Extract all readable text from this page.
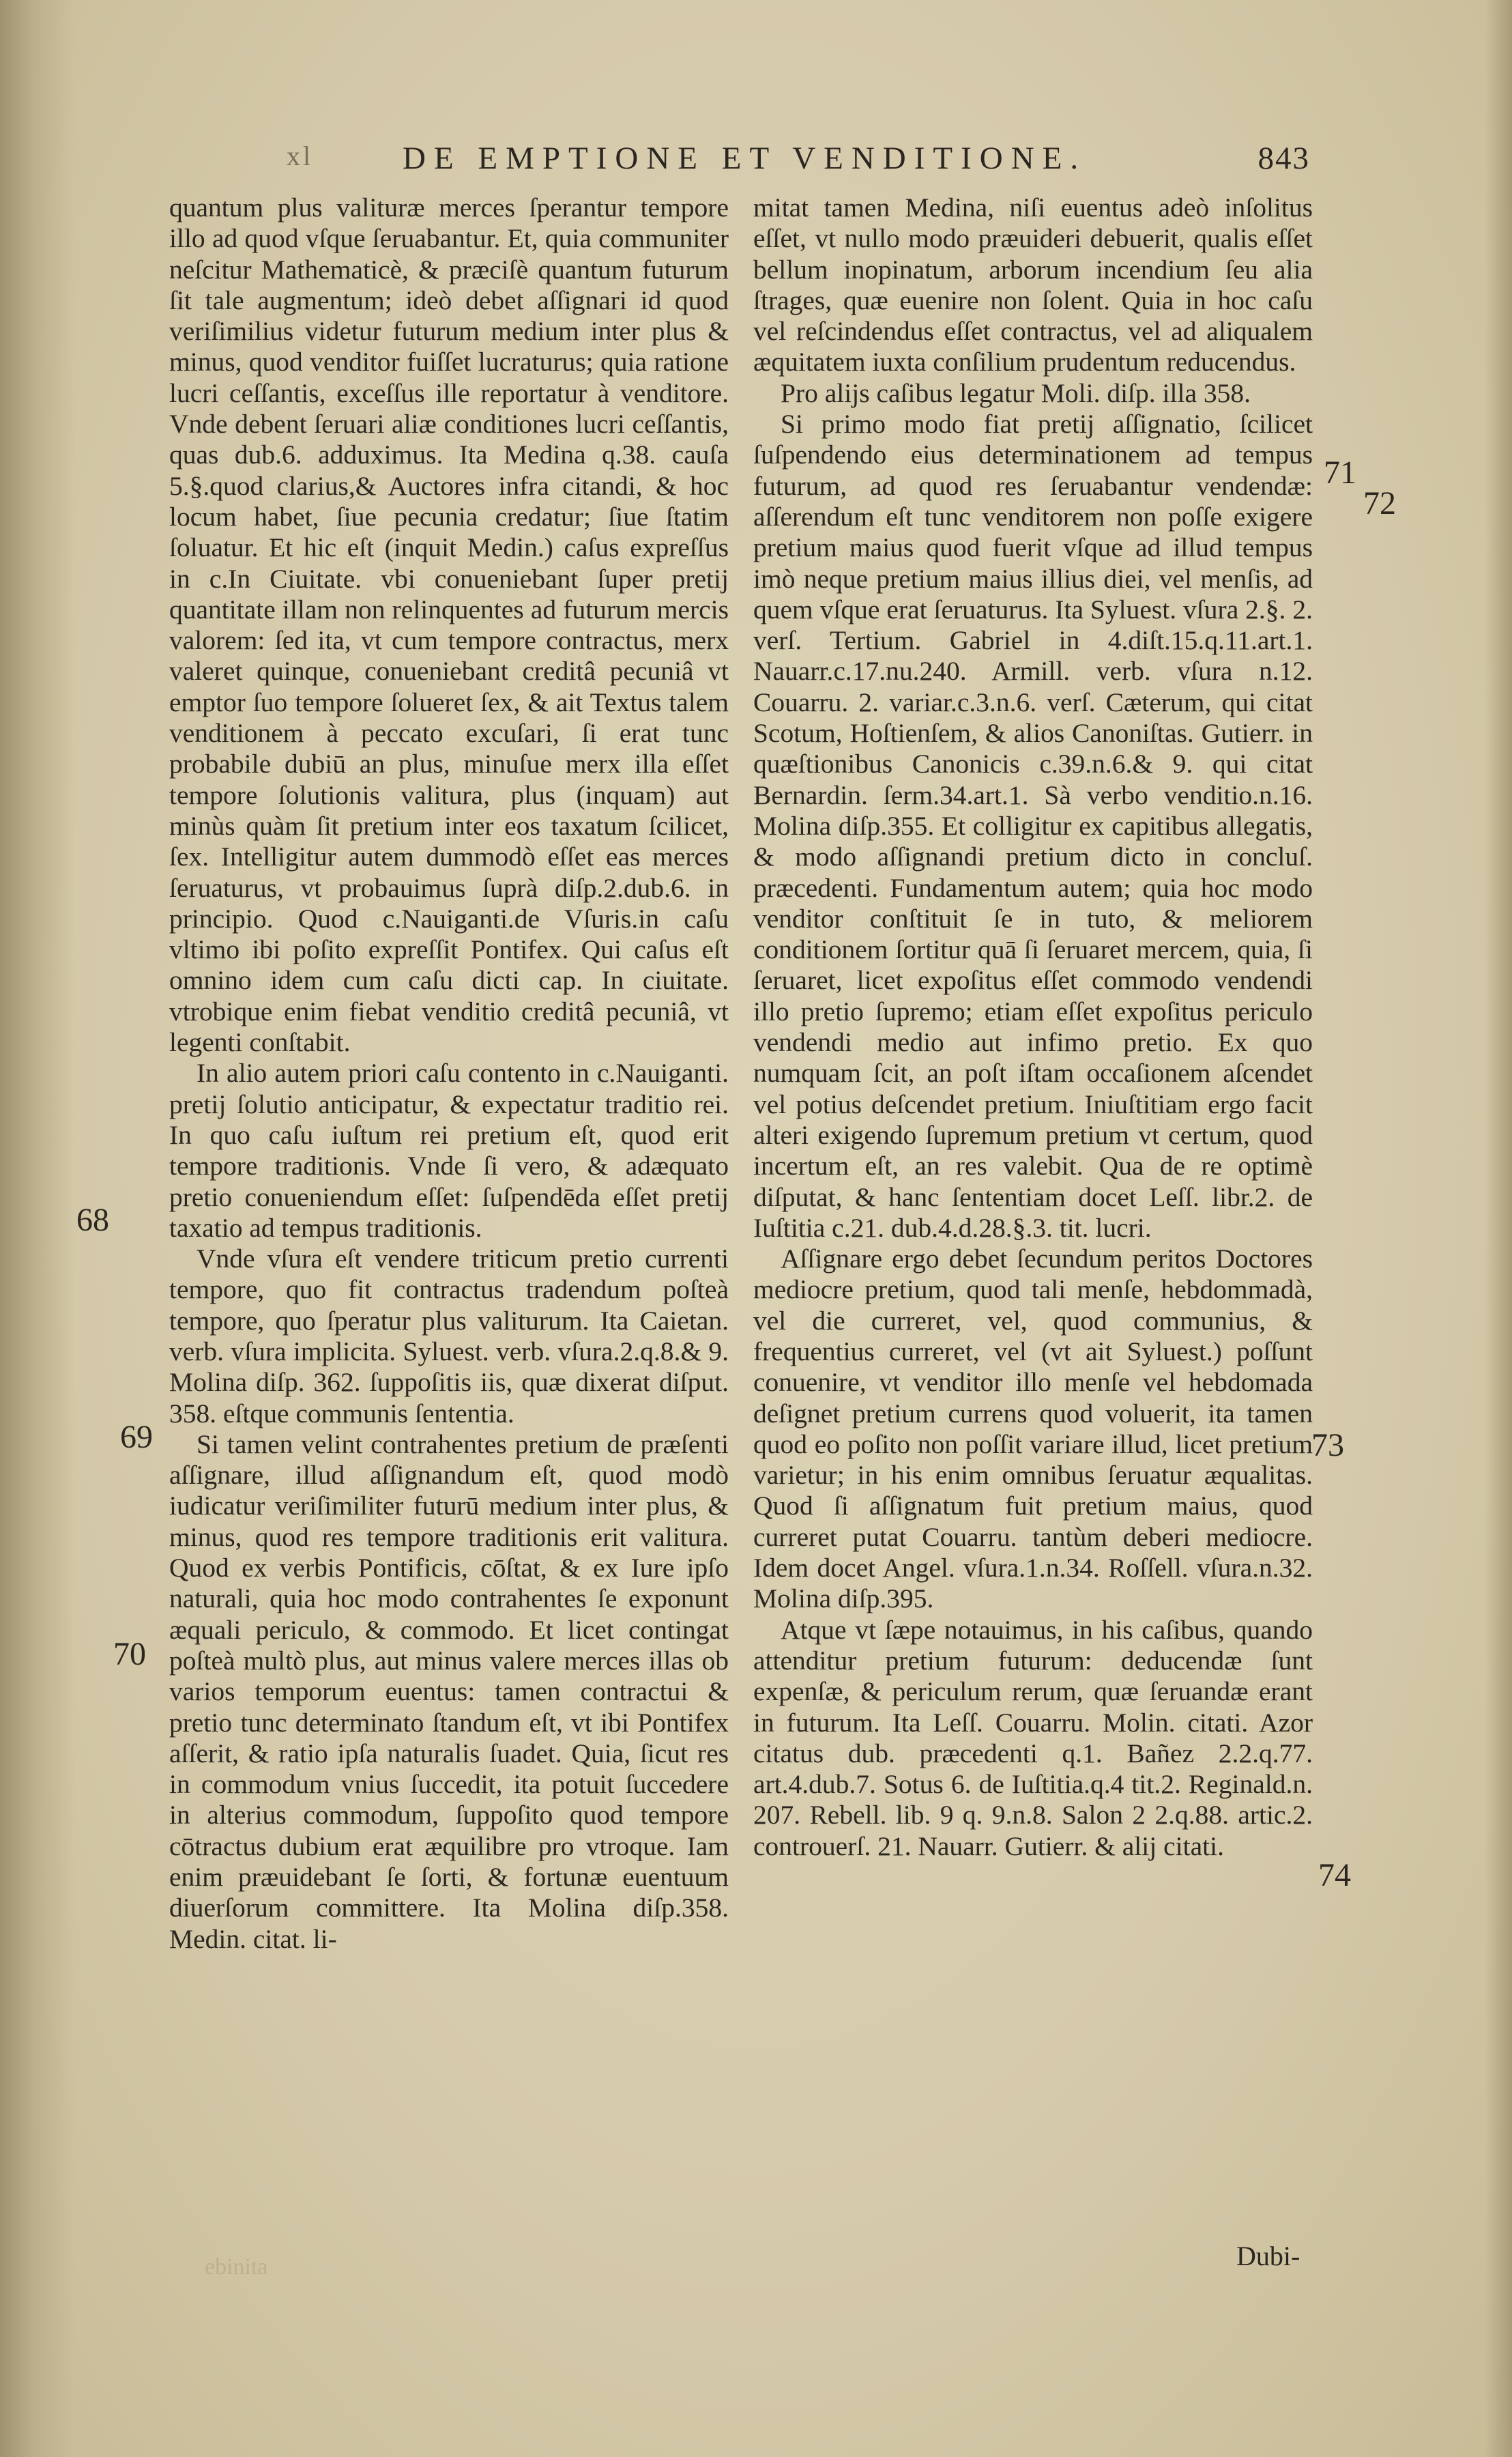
xl	DE EMPTIONE ET VENDITIONE.	843

quantum plus valituræ merces ſperantur tempore illo ad quod vſque ſeruabantur. Et, quia communiter neſcitur Mathematicè, & præciſè quantum futurum ſit tale augmentum; ideò debet aſſignari id quod veriſimilius videtur futurum medium inter plus & minus, quod venditor fuiſſet lucraturus; quia ratione lucri ceſſantis, exceſſus ille reportatur à venditore. Vnde debent ſeruari aliæ conditiones lucri ceſſantis, quas dub.6. adduximus. Ita Medina q.38. cauſa 5.§.quod clarius,& Auctores infra citandi, & hoc locum habet, ſiue pecunia credatur; ſiue ſtatim ſoluatur. Et hic eſt (inquit Medin.) caſus expreſſus in c.In Ciuitate. vbi conueniebant ſuper pretij quantitate illam non relinquentes ad futurum mercis valorem: ſed ita, vt cum tempore contractus, merx valeret quinque, conueniebant creditâ pecuniâ vt emptor ſuo tempore ſolueret ſex, & ait Textus talem venditionem à peccato excuſari, ſi erat tunc probabile dubiū an plus, minuſue merx illa eſſet tempore ſolutionis valitura, plus (inquam) aut minùs quàm ſit pretium inter eos taxatum ſcilicet, ſex. Intelligitur autem dummodò eſſet eas merces ſeruaturus, vt probauimus ſuprà diſp.2.dub.6. in principio. Quod c.Nauiganti.de Vſuris.in caſu vltimo ibi poſito expreſſit Pontifex. Qui caſus eſt omnino idem cum caſu dicti cap. In ciuitate. vtrobique enim fiebat venditio creditâ pecuniâ, vt legenti conſtabit.

In alio autem priori caſu contento in c.Nauiganti. pretij ſolutio anticipatur, & expectatur traditio rei. In quo caſu iuſtum rei pretium eſt, quod erit tempore traditionis. Vnde ſi vero, & adæquato pretio conueniendum eſſet: ſuſpendēda eſſet pretij taxatio ad tempus traditionis.

Vnde vſura eſt vendere triticum pretio currenti tempore, quo fit contractus tradendum poſteà tempore, quo ſperatur plus valiturum. Ita Caietan. verb. vſura implicita. Syluest. verb. vſura.2.q.8.& 9. Molina diſp. 362. ſuppoſitis iis, quæ dixerat diſput. 358. eſtque communis ſententia.

Si tamen velint contrahentes pretium de præſenti aſſignare, illud aſſignandum eſt, quod modò iudicatur veriſimiliter futurū medium inter plus, & minus, quod res tempore traditionis erit valitura. Quod ex verbis Pontificis, cōſtat, & ex Iure ipſo naturali, quia hoc modo contrahentes ſe exponunt æquali periculo, & commodo. Et licet contingat poſteà multò plus, aut minus valere merces illas ob varios temporum euentus: tamen contractui & pretio tunc determinato ſtandum eſt, vt ibi Pontifex aſſerit, & ratio ipſa naturalis ſuadet. Quia, ſicut res in commodum vnius ſuccedit, ita potuit ſuccedere in alterius commodum, ſuppoſito quod tempore cōtractus dubium erat æquilibre pro vtroque. Iam enim præuidebant ſe ſorti, & fortunæ euentuum diuerſorum committere. Ita Molina diſp.358. Medin. citat. li-

mitat tamen Medina, niſi euentus adeò inſolitus eſſet, vt nullo modo præuideri debuerit, qualis eſſet bellum inopinatum, arborum incendium ſeu alia ſtrages, quæ euenire non ſolent. Quia in hoc caſu vel reſcindendus eſſet contractus, vel ad aliqualem æquitatem iuxta conſilium prudentum reducendus.

Pro alijs caſibus legatur Moli. diſp. illa 358.

Si primo modo fiat pretij aſſignatio, ſcilicet ſuſpendendo eius determinationem ad tempus futurum, ad quod res ſeruabantur vendendæ: aſſerendum eſt tunc venditorem non poſſe exigere pretium maius quod fuerit vſque ad illud tempus imò neque pretium maius illius diei, vel menſis, ad quem vſque erat ſeruaturus. Ita Syluest. vſura 2.§. 2. verſ. Tertium. Gabriel in 4.diſt.15.q.11.art.1. Nauarr.c.17.nu.240. Armill. verb. vſura n.12. Couarru. 2. variar.c.3.n.6. verſ. Cæterum, qui citat Scotum, Hoſtienſem, & alios Canoniſtas. Gutierr. in quæſtionibus Canonicis c.39.n.6.& 9. qui citat Bernardin. ſerm.34.art.1. Sà verbo venditio.n.16. Molina diſp.355. Et colligitur ex capitibus allegatis, & modo aſſignandi pretium dicto in concluſ. præcedenti. Fundamentum autem; quia hoc modo venditor conſtituit ſe in tuto, & meliorem conditionem ſortitur quā ſi ſeruaret mercem, quia, ſi ſeruaret, licet expoſitus eſſet commodo vendendi illo pretio ſupremo; etiam eſſet expoſitus periculo vendendi medio aut infimo pretio. Ex quo numquam ſcit, an poſt iſtam occaſionem aſcendet vel potius deſcendet pretium. Iniuſtitiam ergo facit alteri exigendo ſupremum pretium vt certum, quod incertum eſt, an res valebit. Qua de re optimè diſputat, & hanc ſententiam docet Leſſ. libr.2. de Iuſtitia c.21. dub.4.d.28.§.3. tit. lucri.

Aſſignare ergo debet ſecundum peritos Doctores mediocre pretium, quod tali menſe, hebdommadà, vel die curreret, vel, quod communius, & frequentius curreret, vel (vt ait Syluest.) poſſunt conuenire, vt venditor illo menſe vel hebdomada deſignet pretium currens quod voluerit, ita tamen quod eo poſito non poſſit variare illud, licet pretium varietur; in his enim omnibus ſeruatur æqualitas. Quod ſi aſſignatum fuit pretium maius, quod curreret putat Couarru. tantùm deberi mediocre. Idem docet Angel. vſura.1.n.34. Roſſell. vſura.n.32. Molina diſp.395.

Atque vt ſæpe notauimus, in his caſibus, quando attenditur pretium futurum: deducendæ ſunt expenſæ, & periculum rerum, quæ ſeruandæ erant in futurum. Ita Leſſ. Couarru. Molin. citati. Azor citatus dub. præcedenti q.1. Bañez 2.2.q.77. art.4.dub.7. Sotus 6. de Iuſtitia.q.4 tit.2. Reginald.n. 207. Rebell. lib. 9 q. 9.n.8. Salon 2 2.q.88. artic.2. controuerſ. 21. Nauarr. Gutierr. & alij citati.

68
69
70
71
72
73
74
ebinita	Dubi-
